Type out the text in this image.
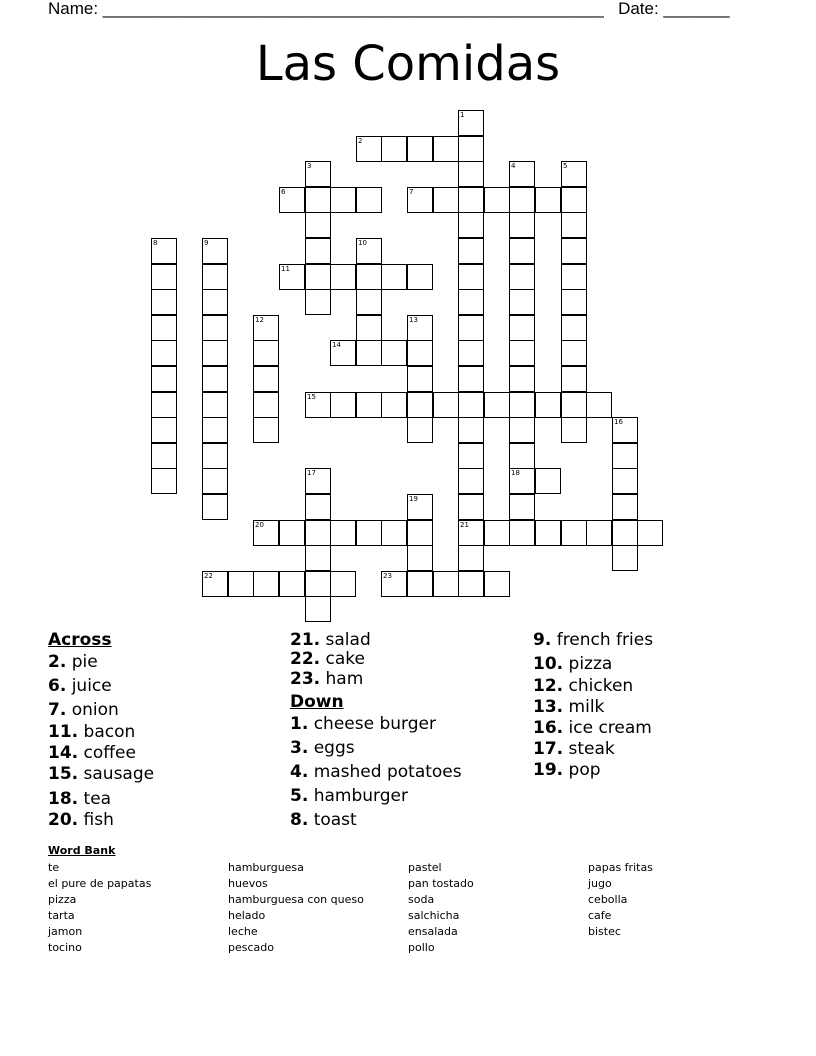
Name: _____________________________________________________ Date: _______
Las Comidas
1
21
2
3	4
18
5
6	7
8	9	10
11
12	13
14
15
16
17
19
20
22	23
Across
2. pie
6. juice
7. onion
11. bacon
14. coffee
15. sausage
18. tea
20. fish
21. salad
22. cake
23. ham
Down
1. cheese burger
3. eggs
4. mashed potatoes
5. hamburger
8. toast
9. french fries
10. pizza
12. chicken
13. milk
16. ice cream
17. steak
19. pop
Word Bank
te
el pure de papatas
pizza
tarta
jamon
tocino
hamburguesa
huevos
hamburguesa con queso
helado
leche
pescado
pastel
pan tostado
soda
salchicha
ensalada
pollo
papas fritas
jugo
cebolla
cafe
bistec
